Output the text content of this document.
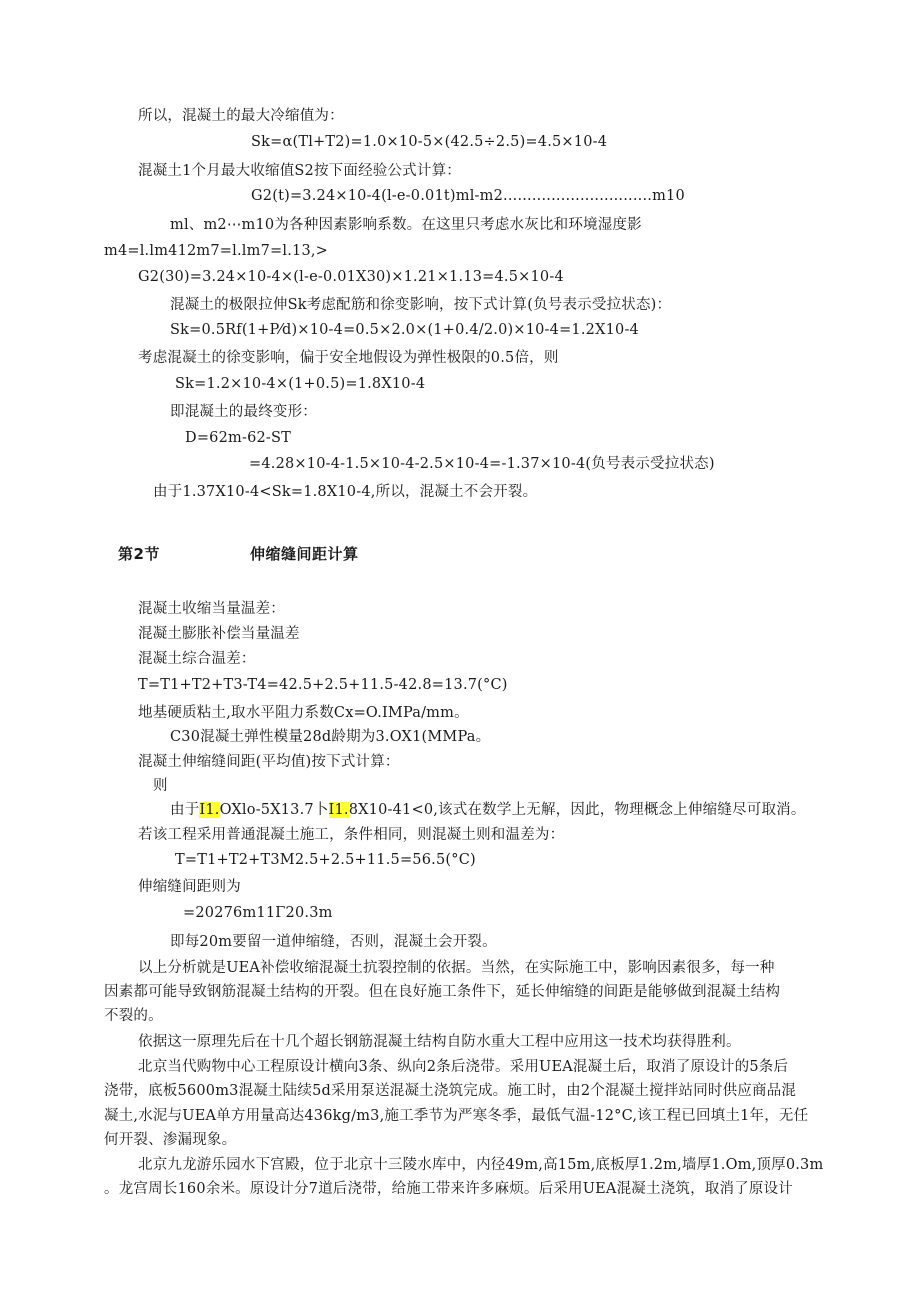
所以，混凝土的最大冷缩值为：
Sk=α(Tl+T2)=1.0×10-5×(42.5÷2.5)=4.5×10-4
混凝土1个月最大收缩值S2按下面经验公式计算：
G2(t)=3.24×10-4(l-e-0.01t)ml-m2...............................m10
ml、m2⋯m10为各种因素影响系数。在这里只考虑水灰比和环境湿度影
m4=l.lm412m7=l.lm7=l.13,>
G2(30)=3.24×10-4×(l-e-0.01X30)×1.21×1.13=4.5×10-4
混凝土的极限拉伸Sk考虑配筋和徐变影响，按下式计算(负号表示受拉状态)：
Sk=0.5Rf(1+P⁄d)×10-4=0.5×2.0×(1+0.4/2.0)×10-4=1.2X10-4
考虑混凝土的徐变影响，偏于安全地假设为弹性极限的0.5倍，则
Sk=1.2×10-4×(1+0.5)=1.8X10-4
即混凝土的最终变形：
D=62m-62-ST
=4.28×10-4-1.5×10-4-2.5×10-4=-1.37×10-4(负号表示受拉状态)
由于1.37X10-4<Sk=1.8X10-4,所以，混凝土不会开裂。
第2节	伸缩缝间距计算
混凝土收缩当量温差：
混凝土膨胀补偿当量温差
混凝土综合温差：
T=T1+T2+T3-T4=42.5+2.5+11.5-42.8=13.7(°C)
地基硬质粘土,取水平阻力系数Cx=O.IMPa/mm。
C30混凝土弹性模量28d龄期为3.OX1(MMPa。
混凝土伸缩缝间距(平均值)按下式计算：
则
由于I1.OXlo-5X13.7卜I1.8X10-41<0,该式在数学上无解，因此，物理概念上伸缩缝尽可取消。
若该工程采用普通混凝土施工，条件相同，则混凝土则和温差为：
T=T1+T2+T3M2.5+2.5+11.5=56.5(°C)
伸缩缝间距则为
=20276m11Γ20.3m
即每20m要留一道伸缩缝，否则，混凝土会开裂。
以上分析就是UEA补偿收缩混凝土抗裂控制的依据。当然，在实际施工中，影响因素很多，每一种
因素都可能导致钢筋混凝土结构的开裂。但在良好施工条件下，延长伸缩缝的间距是能够做到混凝土结构
不裂的。
依据这一原理先后在十几个超长钢筋混凝土结构自防水重大工程中应用这一技术均获得胜利。
北京当代购物中心工程原设计横向3条、纵向2条后浇带。采用UEA混凝土后，取消了原设计的5条后
浇带，底板5600m3混凝土陆续5d采用泵送混凝土浇筑完成。施工时，由2个混凝土搅拌站同时供应商品混
凝土,水泥与UEA单方用量高达436kg∕m3,施工季节为严寒冬季，最低气温-12°C,该工程已回填土1年，无任
何开裂、渗漏现象。
北京九龙游乐园水下宫殿，位于北京十三陵水库中，内径49m,高15m,底板厚1.2m,墙厚1.Om,顶厚0.3m
。龙宫周长160余米。原设计分7道后浇带，给施工带来许多麻烦。后采用UEA混凝土浇筑，取消了原设计
